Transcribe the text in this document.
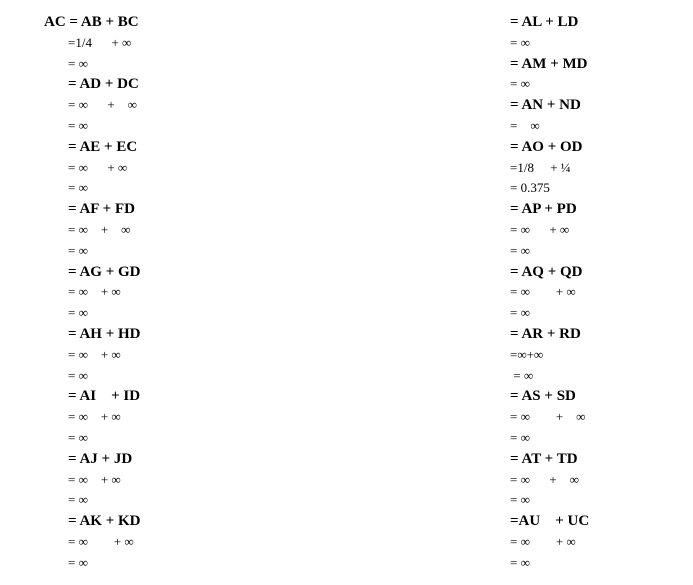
AC = AB + BC
=1/4      + ∞
= ∞
= AD + DC
= ∞      +    ∞
= ∞
= AE + EC
= ∞      + ∞
= ∞
= AF + FD
= ∞    +    ∞
= ∞
= AG + GD
= ∞    + ∞
= ∞
= AH + HD
= ∞    + ∞
= ∞
= AI    + ID
= ∞    + ∞
= ∞
= AJ + JD
= ∞    + ∞
= ∞
= AK + KD
= ∞        + ∞
= ∞
= AL + LD
= ∞
= AM + MD
= ∞
= AN + ND
=    ∞
= AO + OD
=1/8     + ¼
= 0.375
= AP + PD
= ∞      + ∞
= ∞
= AQ + QD
= ∞        + ∞
= ∞
= AR + RD
=∞+∞
= ∞
= AS + SD
= ∞        +    ∞
= ∞
= AT + TD
= ∞      +    ∞
= ∞
=AU    + UC
= ∞        + ∞
= ∞
